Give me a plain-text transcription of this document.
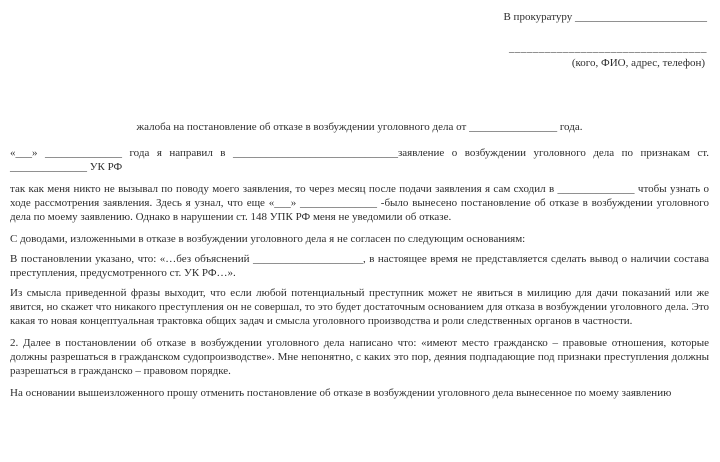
В прокуратуру ________________________
_________________________________
(кого, ФИО, адрес, телефон)
жалоба на постановление об отказе в возбуждении уголовного дела от ________________ года.

«___» ______________ года я направил в ______________________________заявление о возбуждении уголовного дела по признакам ст. ______________ УК РФ

так как меня никто не вызывал по поводу моего заявления, то через месяц после подачи заявления я сам сходил в ______________ чтобы узнать о ходе рассмотрения заявления. Здесь я узнал, что еще «___» ______________ -было вынесено постановление об отказе в возбуждении уголовного дела по моему заявлению. Однако в нарушении ст. 148 УПК РФ меня не уведомили об отказе.

С доводами, изложенными в отказе в возбуждении уголовного дела я не согласен по следующим основаниям:

В постановлении указано, что: «…без объяснений ____________________, в настоящее время не представляется сделать вывод о наличии состава преступления, предусмотренного ст. УК РФ…».

Из смысла приведенной фразы выходит, что если любой потенциальный преступник может не явиться в милицию для дачи показаний или же явится, но скажет что никакого преступления он не совершал, то это будет достаточным основанием для отказа в возбуждении уголовного дела. Это какая то новая концептуальная трактовка общих задач и смысла уголовного производства и роли следственных органов в частности.

2. Далее в постановлении об отказе в возбуждении уголовного дела написано что: «имеют место гражданско – правовые отношения, которые должны разрешаться в гражданском судопроизводстве». Мне непонятно, с каких это пор, деяния подпадающие под признаки преступления должны разрешаться в гражданско – правовом порядке.

На основании вышеизложенного прошу отменить постановление об отказе в возбуждении уголовного дела вынесенное по моему заявлению
